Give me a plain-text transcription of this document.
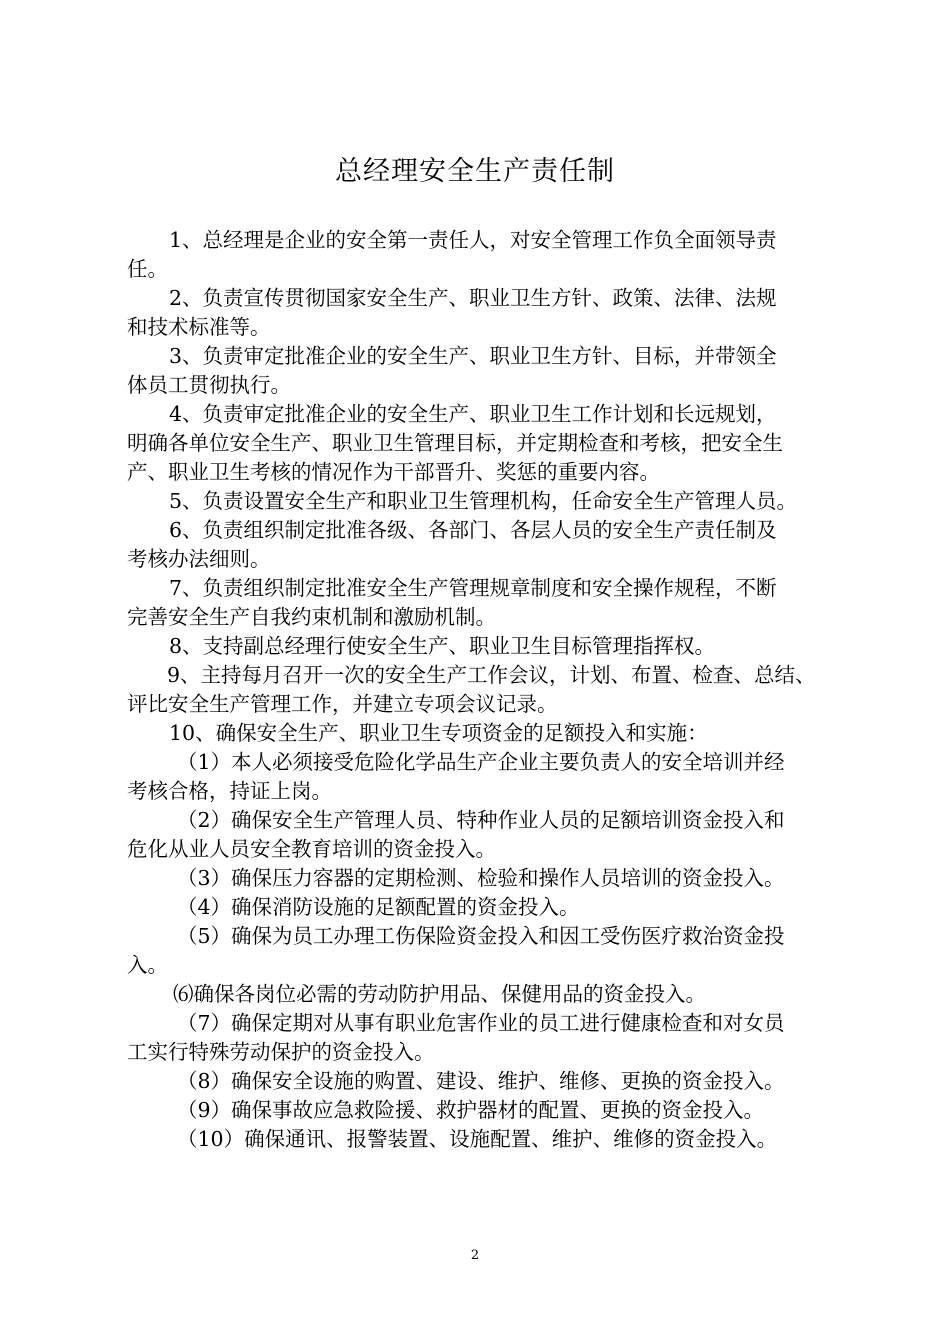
总经理安全生产责任制

1、总经理是企业的安全第一责任人，对安全管理工作负全面领导责
任。

2、负责宣传贯彻国家安全生产、职业卫生方针、政策、法律、法规
和技术标准等。

3、负责审定批准企业的安全生产、职业卫生方针、目标，并带领全
体员工贯彻执行。

4、负责审定批准企业的安全生产、职业卫生工作计划和长远规划，
明确各单位安全生产、职业卫生管理目标，并定期检查和考核，把安全生
产、职业卫生考核的情况作为干部晋升、奖惩的重要内容。

5、负责设置安全生产和职业卫生管理机构，任命安全生产管理人员。

6、负责组织制定批准各级、各部门、各层人员的安全生产责任制及
考核办法细则。

7、负责组织制定批准安全生产管理规章制度和安全操作规程，不断
完善安全生产自我约束机制和激励机制。

8、支持副总经理行使安全生产、职业卫生目标管理指挥权。

9、主持每月召开一次的安全生产工作会议，计划、布置、检查、总结、
评比安全生产管理工作，并建立专项会议记录。

10、确保安全生产、职业卫生专项资金的足额投入和实施：

（1）本人必须接受危险化学品生产企业主要负责人的安全培训并经
考核合格，持证上岗。

（2）确保安全生产管理人员、特种作业人员的足额培训资金投入和
危化从业人员安全教育培训的资金投入。

（3）确保压力容器的定期检测、检验和操作人员培训的资金投入。

（4）确保消防设施的足额配置的资金投入。

（5）确保为员工办理工伤保险资金投入和因工受伤医疗救治资金投
入。

⑹确保各岗位必需的劳动防护用品、保健用品的资金投入。

（7）确保定期对从事有职业危害作业的员工进行健康检查和对女员
工实行特殊劳动保护的资金投入。

（8）确保安全设施的购置、建设、维护、维修、更换的资金投入。

（9）确保事故应急救险援、救护器材的配置、更换的资金投入。

（10）确保通讯、报警装置、设施配置、维护、维修的资金投入。

2
